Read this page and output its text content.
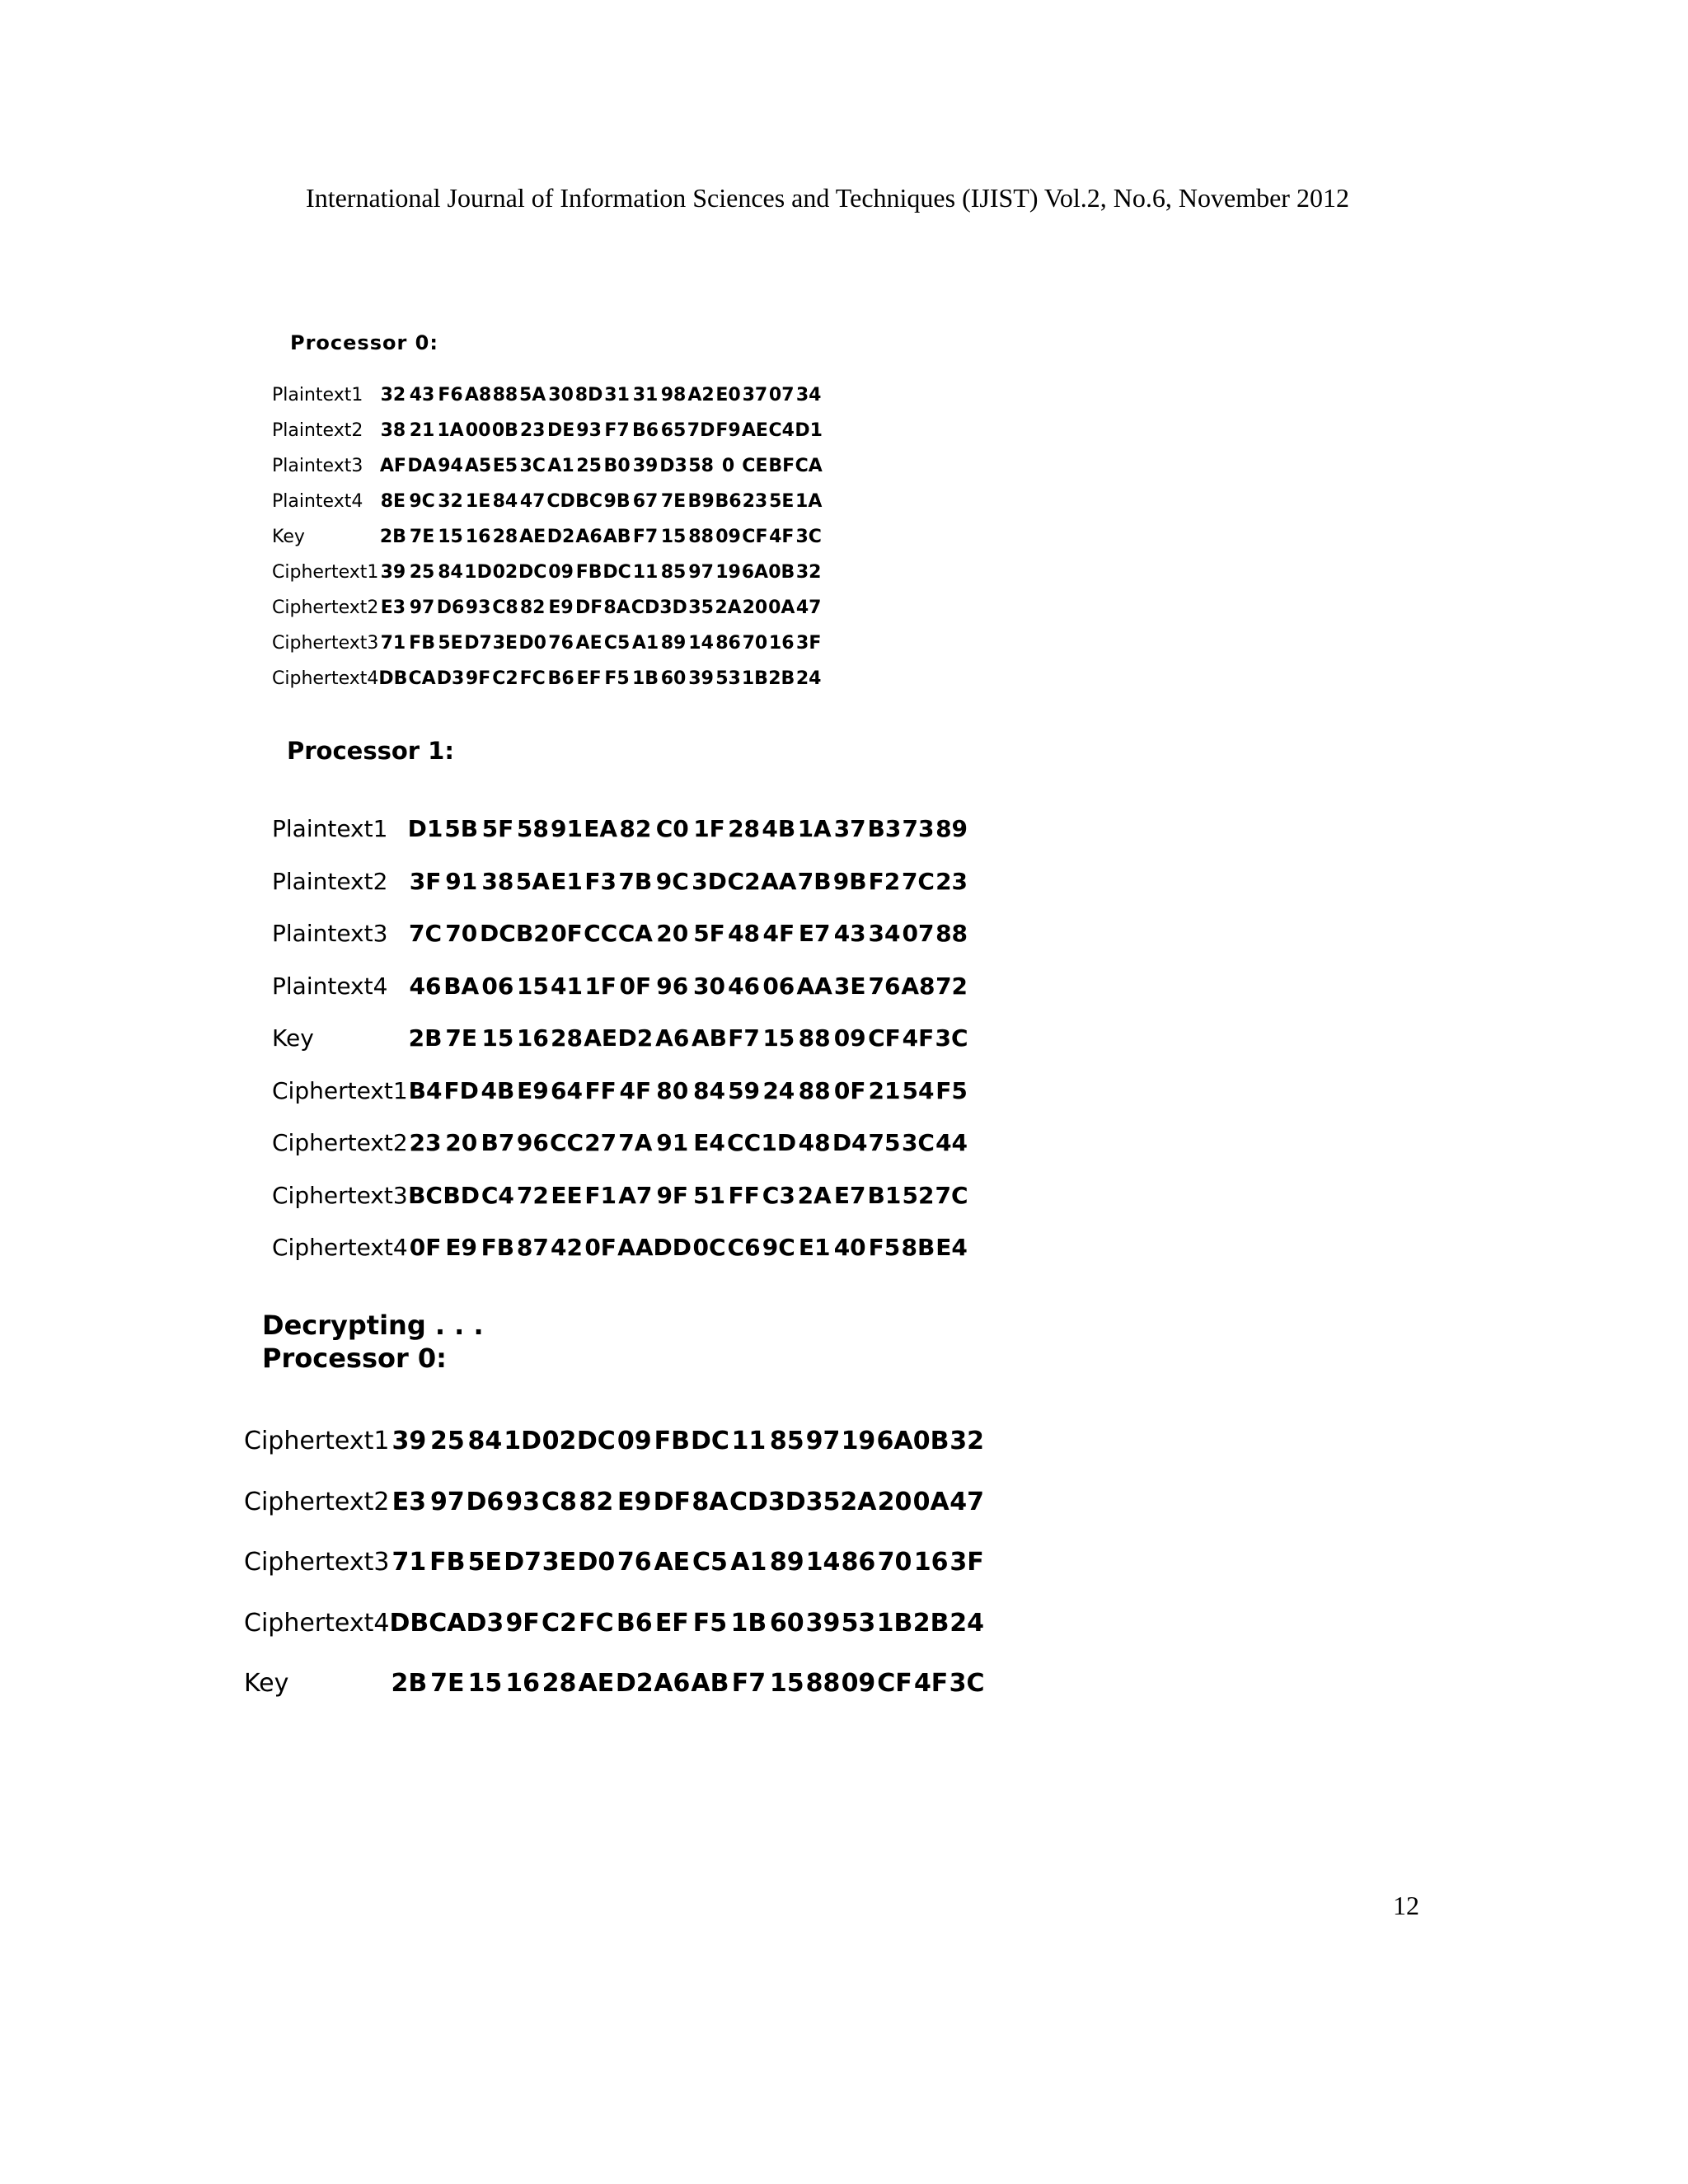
International Journal of Information Sciences and Techniques (IJIST) Vol.2, No.6, November 2012
Processor 0:
Plaintext1	32	43	F6	A8	88	5A	30	8D	31	31	98	A2	E0	37	07	34
Plaintext2	38	21	1A	00	0B	23	DE	93	F7	B6	65	7D	F9	AE	C4	D1
Plaintext3	AF	DA	94	A5	E5	3C	A1	25	B0	39	D3	58	0	CE	BF	CA
Plaintext4	8E	9C	32	1E	84	47	CD	BC	9B	67	7E	B9	B6	23	5E	1A
Key	2B	7E	15	16	28	AE	D2	A6	AB	F7	15	88	09	CF	4F	3C
Ciphertext1	39	25	84	1D	02	DC	09	FB	DC	11	85	97	19	6A	0B	32
Ciphertext2	E3	97	D6	93	C8	82	E9	DF	8A	CD	3D	35	2A	20	0A	47
Ciphertext3	71	FB	5E	D7	3E	D0	76	AE	C5	A1	89	14	86	70	16	3F
Ciphertext4	DB	CA	D3	9F	C2	FC	B6	EF	F5	1B	60	39	53	1B	2B	24
Processor 1:
Plaintext1	D1	5B	5F	58	91	EA	82	C0	1F	28	4B	1A	37	B3	73	89
Plaintext2	3F	91	38	5A	E1	F3	7B	9C	3D	C2	AA	7B	9B	F2	7C	23
Plaintext3	7C	70	DC	B2	0F	CC	CA	20	5F	48	4F	E7	43	34	07	88
Plaintext4	46	BA	06	15	41	1F	0F	96	30	46	06	AA	3E	76	A8	72
Key	2B	7E	15	16	28	AE	D2	A6	AB	F7	15	88	09	CF	4F	3C
Ciphertext1	B4	FD	4B	E9	64	FF	4F	80	84	59	24	88	0F	21	54	F5
Ciphertext2	23	20	B7	96	CC	27	7A	91	E4	CC	1D	48	D4	75	3C	44
Ciphertext3	BC	BD	C4	72	EE	F1	A7	9F	51	FF	C3	2A	E7	B1	52	7C
Ciphertext4	0F	E9	FB	87	42	0F	AA	DD	0C	C6	9C	E1	40	F5	8B	E4
Decrypting . . .
Processor 0:
Ciphertext1	39	25	84	1D	02	DC	09	FB	DC	11	85	97	19	6A	0B	32
Ciphertext2	E3	97	D6	93	C8	82	E9	DF	8A	CD	3D	35	2A	20	0A	47
Ciphertext3	71	FB	5E	D7	3E	D0	76	AE	C5	A1	89	14	86	70	16	3F
Ciphertext4	DB	CA	D3	9F	C2	FC	B6	EF	F5	1B	60	39	53	1B	2B	24
Key	2B	7E	15	16	28	AE	D2	A6	AB	F7	15	88	09	CF	4F	3C
12
